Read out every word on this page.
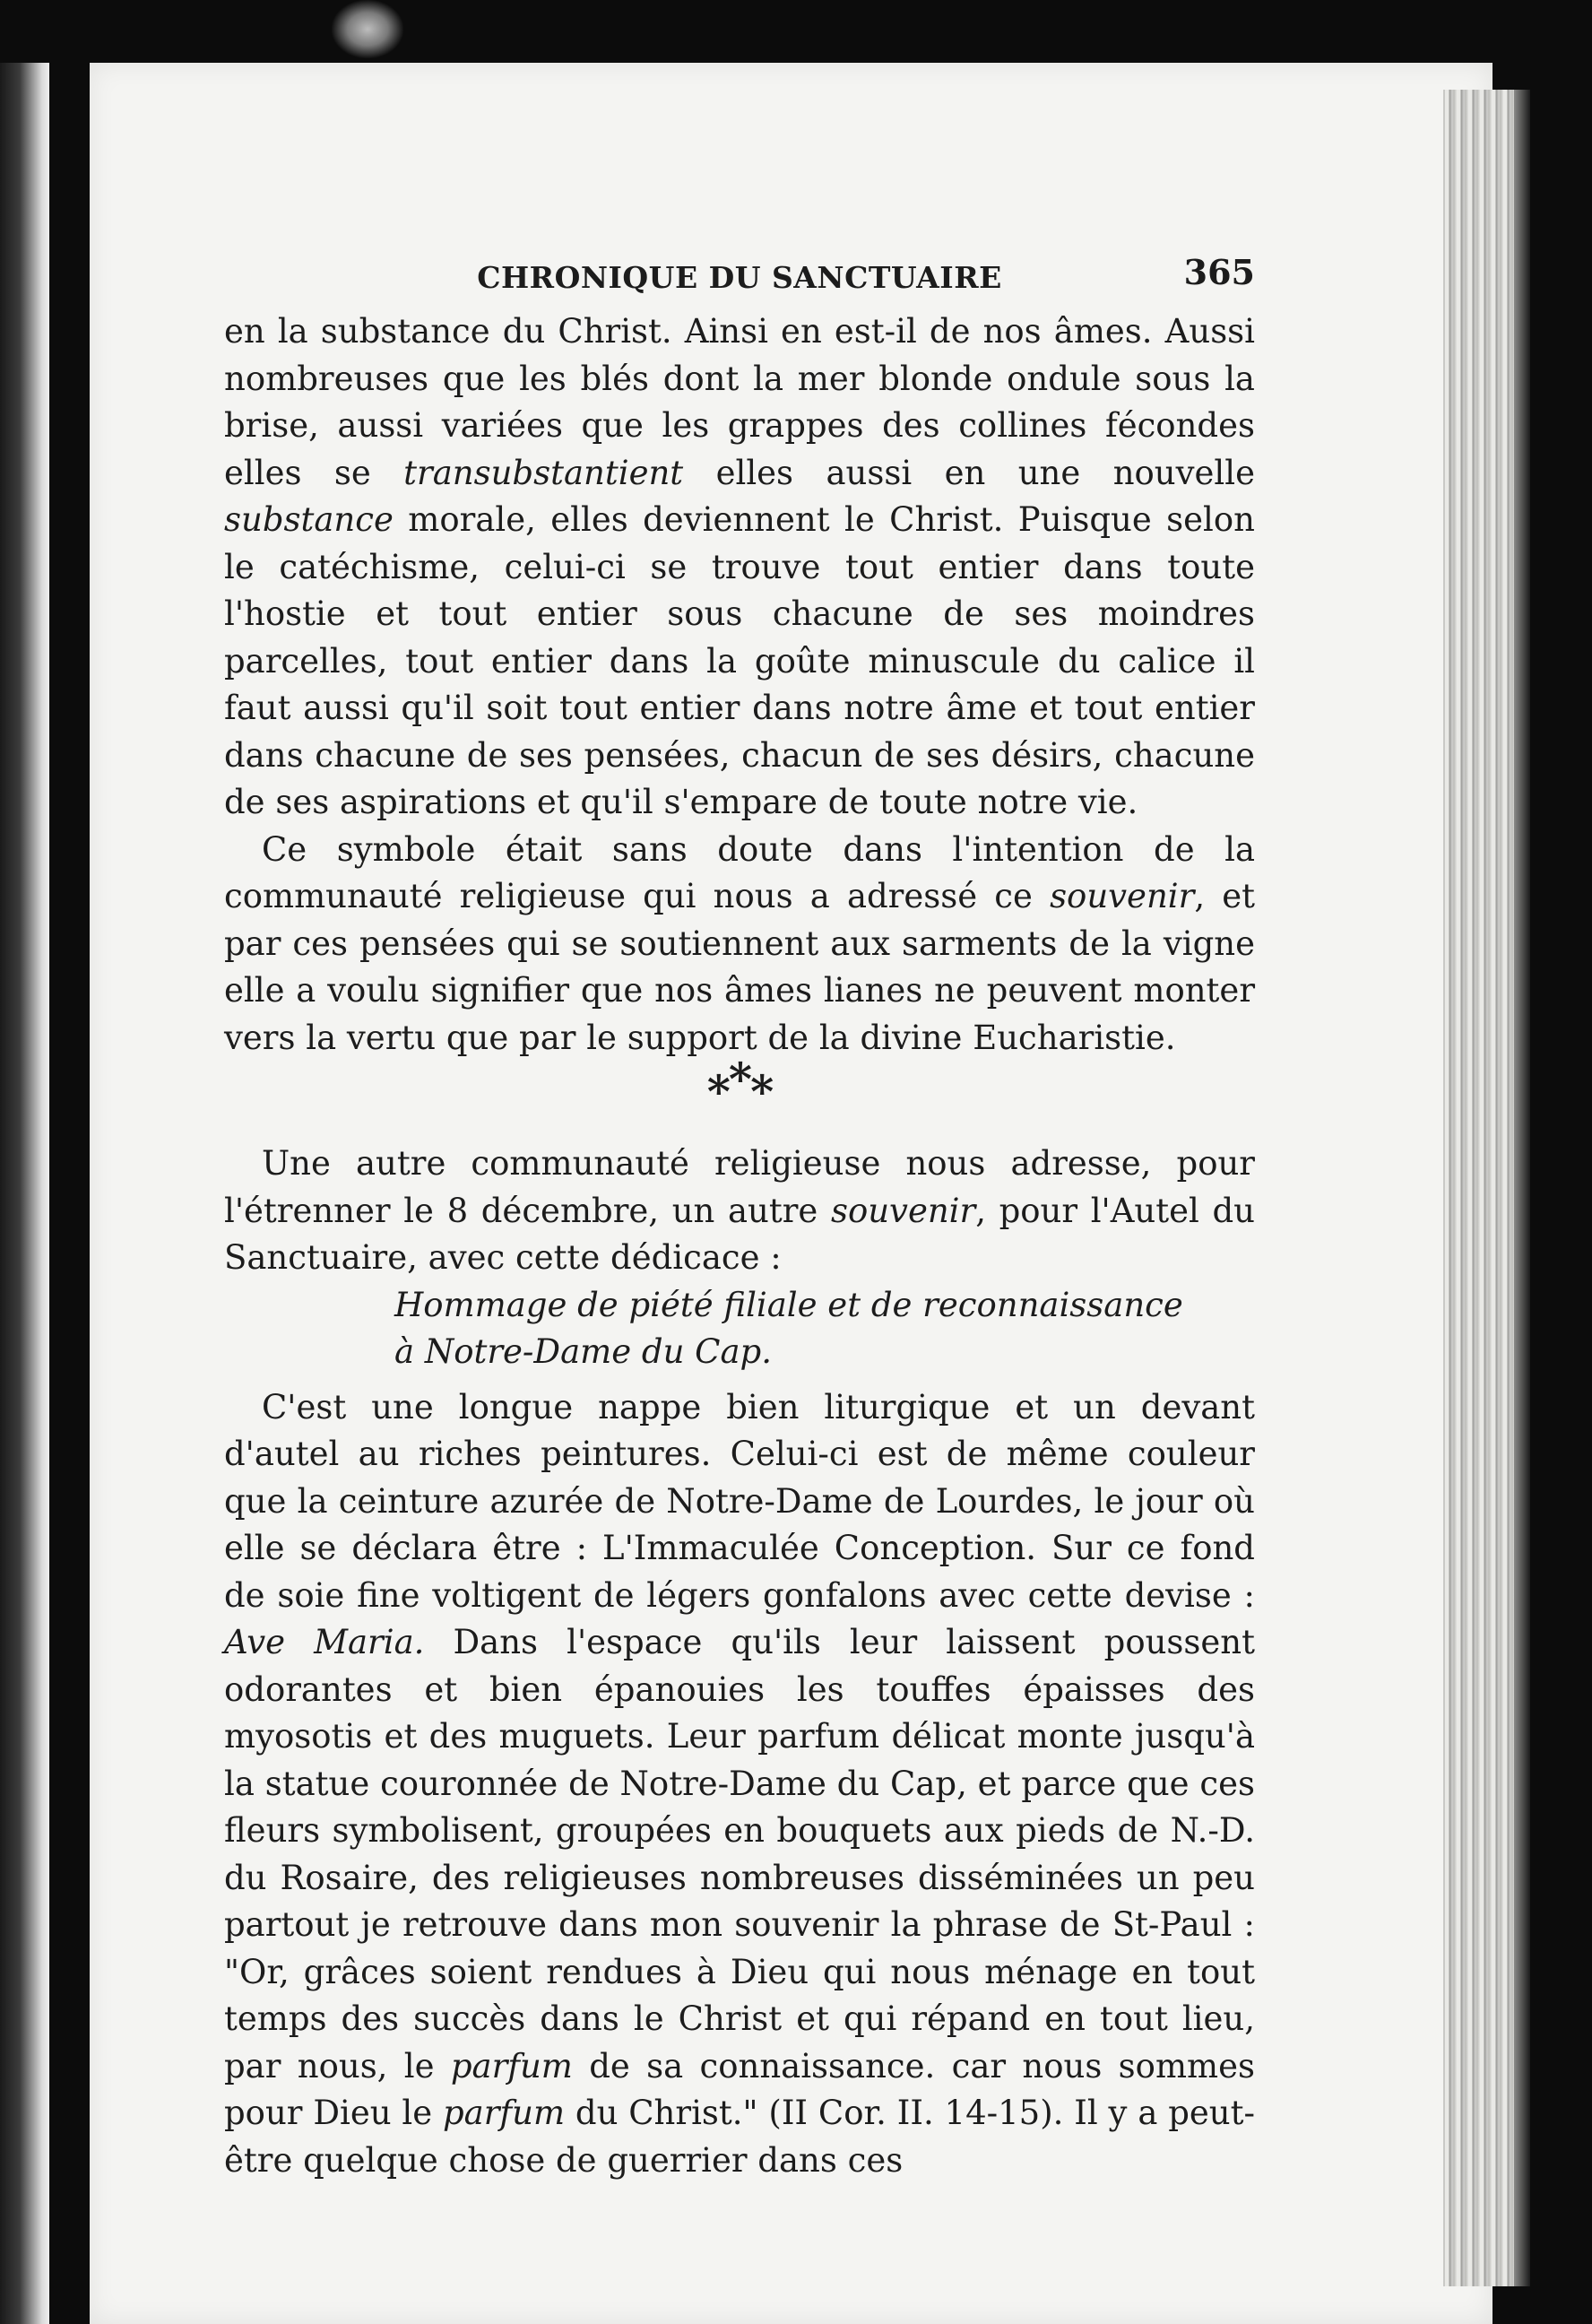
CHRONIQUE DU SANCTUAIRE	365

en la substance du Christ. Ainsi en est-il de nos âmes. Aussi nombreuses que les blés dont la mer blonde ondule sous la brise, aussi variées que les grappes des collines fécondes elles se transubstantient elles aussi en une nouvelle substance morale, elles deviennent le Christ. Puisque selon le catéchisme, celui-ci se trouve tout entier dans toute l'hostie et tout entier sous chacune de ses moindres parcelles, tout entier dans la goûte minuscule du calice il faut aussi qu'il soit tout entier dans notre âme et tout entier dans chacune de ses pensées, chacun de ses désirs, chacune de ses aspirations et qu'il s'empare de toute notre vie.

Ce symbole était sans doute dans l'intention de la communauté religieuse qui nous a adressé ce souvenir, et par ces pensées qui se soutiennent aux sarments de la vigne elle a voulu signifier que nos âmes lianes ne peuvent monter vers la vertu que par le support de la divine Eucharistie.

***

Une autre communauté religieuse nous adresse, pour l'étrenner le 8 décembre, un autre souvenir, pour l'Autel du Sanctuaire, avec cette dédicace :

Hommage de piété filiale et de reconnaissance
à Notre-Dame du Cap.

C'est une longue nappe bien liturgique et un devant d'autel au riches peintures. Celui-ci est de même couleur que la ceinture azurée de Notre-Dame de Lourdes, le jour où elle se déclara être : L'Immaculée Conception. Sur ce fond de soie fine voltigent de légers gonfalons avec cette devise : Ave Maria. Dans l'espace qu'ils leur laissent poussent odorantes et bien épanouies les touffes épaisses des myosotis et des muguets. Leur parfum délicat monte jusqu'à la statue couronnée de Notre-Dame du Cap, et parce que ces fleurs symbolisent, groupées en bouquets aux pieds de N.-D. du Rosaire, des religieuses nombreuses disséminées un peu partout je retrouve dans mon souvenir la phrase de St-Paul : "Or, grâces soient rendues à Dieu qui nous ménage en tout temps des succès dans le Christ et qui répand en tout lieu, par nous, le parfum de sa connaissance. car nous sommes pour Dieu le parfum du Christ." (II Cor. II. 14-15). Il y a peut-être quelque chose de guerrier dans ces
